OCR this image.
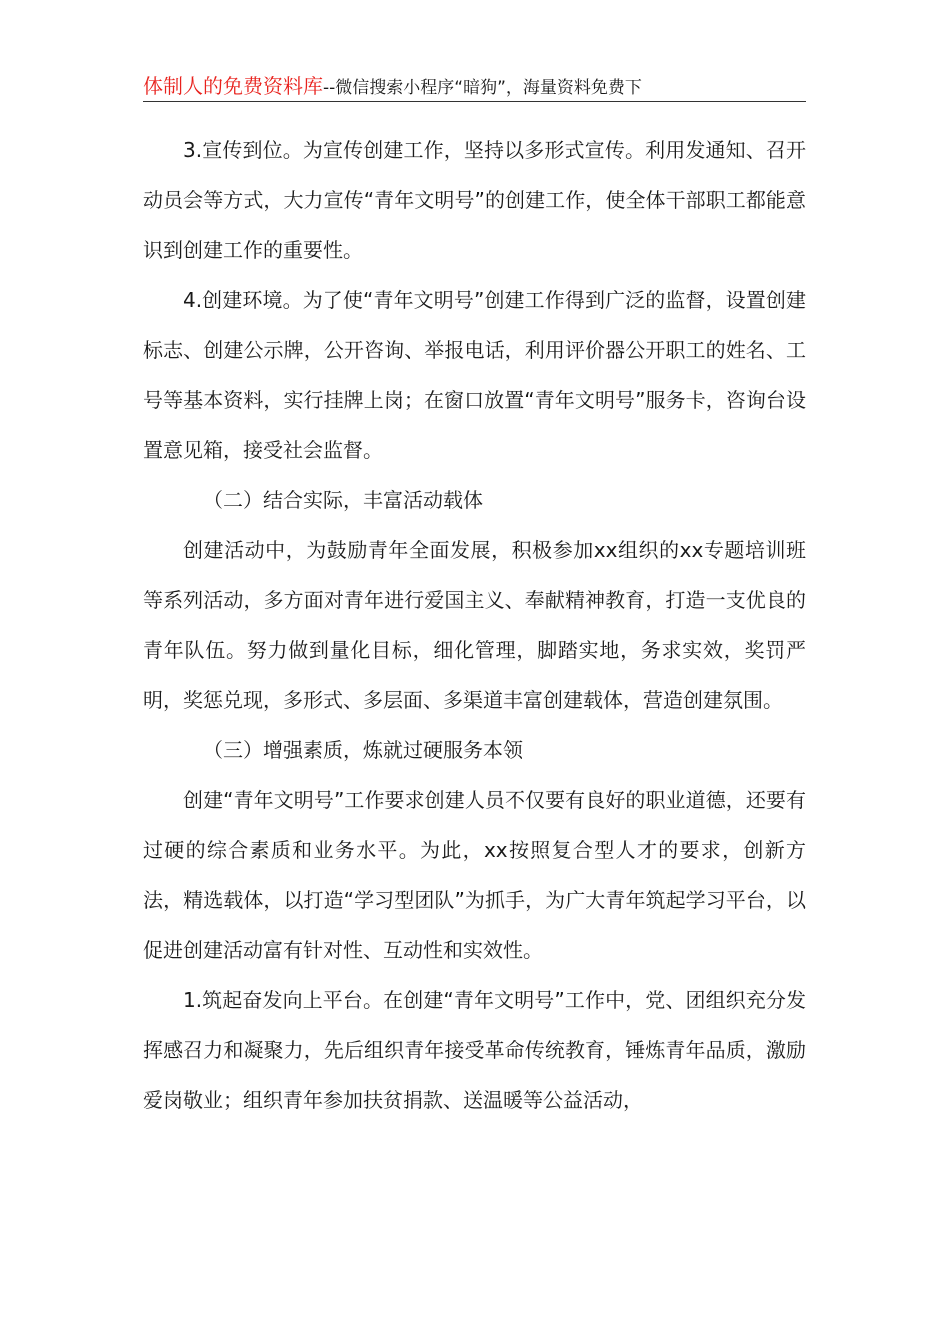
体制人的免费资料库--微信搜索小程序“暗狗”，海量资料免费下

3.宣传到位。为宣传创建工作，坚持以多形式宣传。利用发通知、召开动员会等方式，大力宣传“青年文明号”的创建工作，使全体干部职工都能意识到创建工作的重要性。

4.创建环境。为了使“青年文明号”创建工作得到广泛的监督，设置创建标志、创建公示牌，公开咨询、举报电话，利用评价器公开职工的姓名、工号等基本资料，实行挂牌上岗；在窗口放置“青年文明号”服务卡，咨询台设置意见箱，接受社会监督。

（二）结合实际，丰富活动载体

创建活动中，为鼓励青年全面发展，积极参加xx组织的xx专题培训班等系列活动，多方面对青年进行爱国主义、奉献精神教育，打造一支优良的青年队伍。努力做到量化目标，细化管理，脚踏实地，务求实效，奖罚严明，奖惩兑现，多形式、多层面、多渠道丰富创建载体，营造创建氛围。

（三）增强素质，炼就过硬服务本领

创建“青年文明号”工作要求创建人员不仅要有良好的职业道德，还要有过硬的综合素质和业务水平。为此，xx按照复合型人才的要求，创新方法，精选载体，以打造“学习型团队”为抓手，为广大青年筑起学习平台，以促进创建活动富有针对性、互动性和实效性。

1.筑起奋发向上平台。在创建“青年文明号”工作中，党、团组织充分发挥感召力和凝聚力，先后组织青年接受革命传统教育，锤炼青年品质，激励爱岗敬业；组织青年参加扶贫捐款、送温暖等公益活动，
